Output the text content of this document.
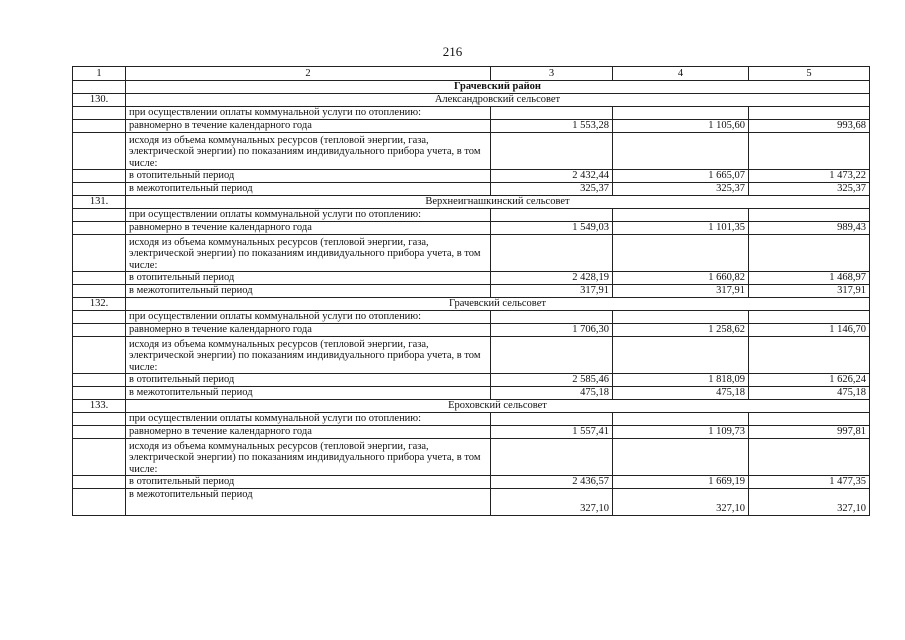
216
1	2	3	4	5
	Грачевский район			
130.	Александровский сельсовет			
	при осуществлении оплаты коммунальной услуги по отоплению:			
	равномерно в течение календарного года	1 553,28	1 105,60	993,68
	исходя из объема коммунальных ресурсов (тепловой энергии, газа, электрической энергии) по показаниям индивидуального прибора учета, в том числе:			
	в отопительный период	2 432,44	1 665,07	1 473,22
	в межотопительный период	325,37	325,37	325,37
131.	Верхнеигнашкинский сельсовет			
	при осуществлении оплаты коммунальной услуги по отоплению:			
	равномерно в течение календарного года	1 549,03	1 101,35	989,43
	исходя из объема коммунальных ресурсов (тепловой энергии, газа, электрической энергии) по показаниям индивидуального прибора учета, в том числе:			
	в отопительный период	2 428,19	1 660,82	1 468,97
	в межотопительный период	317,91	317,91	317,91
132.	Грачевский сельсовет			
	при осуществлении оплаты коммунальной услуги по отоплению:			
	равномерно в течение календарного года	1 706,30	1 258,62	1 146,70
	исходя из объема коммунальных ресурсов (тепловой энергии, газа, электрической энергии) по показаниям индивидуального прибора учета, в том числе:			
	в отопительный период	2 585,46	1 818,09	1 626,24
	в межотопительный период	475,18	475,18	475,18
133.	Ероховский сельсовет			
	при осуществлении оплаты коммунальной услуги по отоплению:			
	равномерно в течение календарного года	1 557,41	1 109,73	997,81
	исходя из объема коммунальных ресурсов (тепловой энергии, газа, электрической энергии) по показаниям индивидуального прибора учета, в том числе:			
	в отопительный период	2 436,57	1 669,19	1 477,35
	в межотопительный период	327,10	327,10	327,10
